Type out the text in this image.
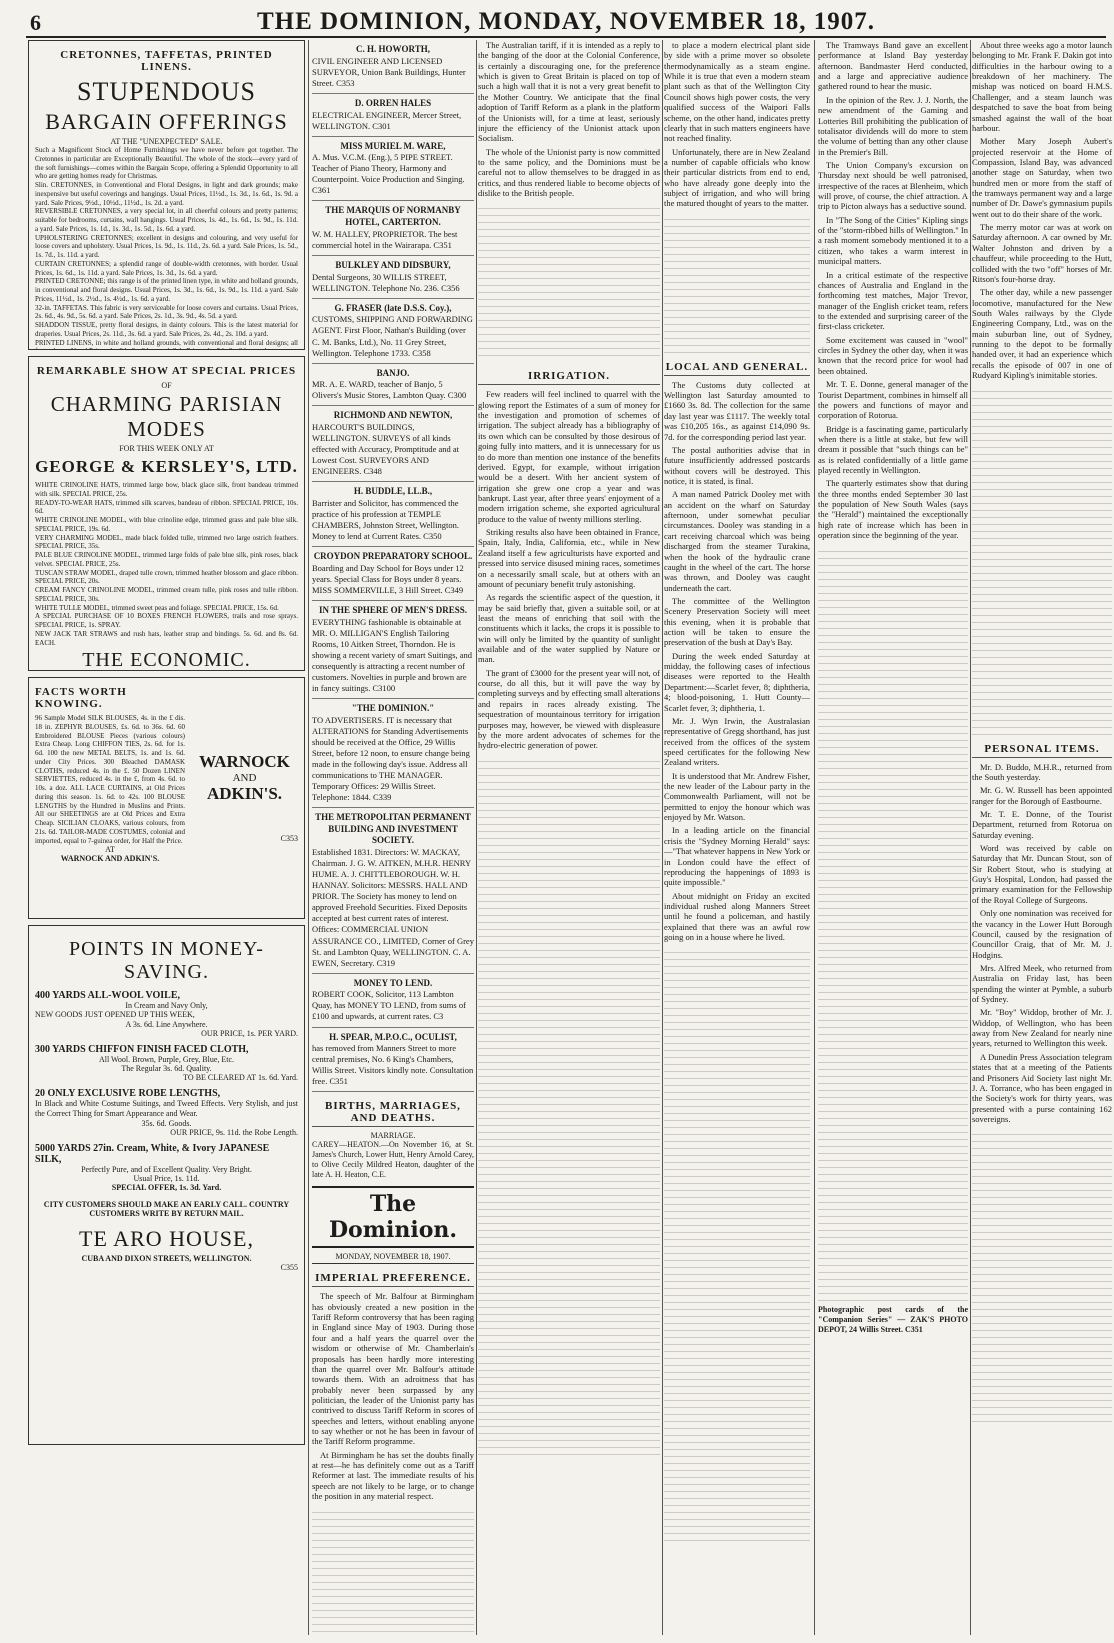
6	THE DOMINION, MONDAY, NOVEMBER 18, 1907.
CRETONNES, TAFFETAS, PRINTED LINENS.
STUPENDOUS
BARGAIN OFFERINGS
AT THE "UNEXPECTED" SALE.
Such a Magnificent Stock of Home Furnishings we have never before got together. The Cretonnes in particular are Exceptionally Beautiful. The whole of the stock—every yard of the soft furnishings—comes within the Bargain Scope, offering a Splendid Opportunity to all who are getting homes ready for Christmas.
Slin. CRETONNES, in Conventional and Floral Designs, in light and dark grounds; make inexpensive but useful coverings and hangings. Usual Prices, 11½d., 1s. 3d., 1s. 6d., 1s. 9d. a yard. Sale Prices, 9½d., 10½d., 11½d., 1s. 2d. a yard.
REVERSIBLE CRETONNES, a very special lot, in all cheerful colours and pretty patterns; suitable for bedrooms, curtains, wall hangings. Usual Prices, 1s. 4d., 1s. 6d., 1s. 9d., 1s. 11d. a yard. Sale Prices, 1s. 1d., 1s. 3d., 1s. 5d., 1s. 6d. a yard.
UPHOLSTERING CRETONNES; excellent in designs and colouring, and very useful for loose covers and upholstery. Usual Prices, 1s. 9d., 1s. 11d., 2s. 6d. a yard. Sale Prices, 1s. 5d., 1s. 7d., 1s. 11d. a yard.
CURTAIN CRETONNES; a splendid range of double-width cretonnes, with border. Usual Prices, 1s. 6d., 1s. 11d. a yard. Sale Prices, 1s. 3d., 1s. 6d. a yard.
PRINTED CRETONNE; this range is of the printed linen type, in white and holland grounds, in conventional and floral designs. Usual Prices, 1s. 3d., 1s. 6d., 1s. 9d., 1s. 11d. a yard. Sale Prices, 11½d., 1s. 2½d., 1s. 4½d., 1s. 6d. a yard.
32-in. TAFFETAS. This fabric is very serviceable for loose covers and curtains. Usual Prices, 2s. 6d., 4s. 9d., 5s. 6d. a yard. Sale Prices, 2s. 1d., 3s. 9d., 4s. 5d. a yard.
SHADDON TISSUE, pretty floral designs, in dainty colours. This is the latest material for draperies. Usual Prices, 2s. 11d., 3s. 6d. a yard. Sale Prices, 2s. 4d., 2s. 10d. a yard.
PRINTED LINENS, in white and holland grounds, with conventional and floral designs; all
REMARKABLE SHOW AT SPECIAL PRICES
OF
CHARMING PARISIAN MODES
FOR THIS WEEK ONLY AT
GEORGE & KERSLEY'S, LTD.
WHITE CRINOLINE HATS, trimmed large bow, black glace silk, front bandeau trimmed with silk. SPECIAL PRICE, 25s.
READY-TO-WEAR HATS, trimmed silk scarves, bandeau of ribbon. SPECIAL PRICE, 10s. 6d.
WHITE CRINOLINE MODEL, with blue crinoline edge, trimmed grass and pale blue silk. SPECIAL PRICE, 19s. 6d.
VERY CHARMING MODEL, made black folded tulle, trimmed two large ostrich feathers. SPECIAL PRICE, 35s.
PALE BLUE CRINOLINE MODEL, trimmed large folds of pale blue silk, pink roses, black velvet. SPECIAL PRICE, 25s.
TUSCAN STRAW MODEL, draped tulle crown, trimmed heather blossom and glace ribbon. SPECIAL PRICE, 20s.
CREAM FANCY CRINOLINE MODEL, trimmed cream tulle, pink roses and tulle ribbon. SPECIAL PRICE, 30s.
WHITE TULLE MODEL, trimmed sweet peas and foliage. SPECIAL PRICE, 15s. 6d.
A SPECIAL PURCHASE OF 10 BOXES FRENCH FLOWERS, trails and rose sprays. SPECIAL PRICE, 1s. SPRAY.
NEW JACK TAR STRAWS and rush hats, leather strap and bindings. 5s. 6d. and 8s. 6d. EACH.
THE ECONOMIC.
FACTS WORTH KNOWING.
96 Sample Model SILK BLOUSES, 4s. in the £ dis. 18 in. ZEPHYR BLOUSES, £s. 6d. to 36s. 6d. 60 Embroidered BLOUSE Pieces (various colours) Extra Cheap. Long CHIFFON TIES, 2s. 6d. for 1s. 6d. 100 the new METAL BELTS, 1s. and 1s. 6d. under City Prices. 300 Bleached DAMASK CLOTHS, reduced 4s. in the £. 50 Dozen LINEN SERVIETTES, reduced 4s. in the £, from 4s. 6d. to 10s. a doz. ALL LACE CURTAINS, at Old Prices during this season. 1s. 6d. to 42s. 100 BLOUSE LENGTHS by the Hundred in Muslins and Prints. All our SHEETINGS are at Old Prices and Extra Cheap. SICILIAN CLOAKS, various colours, from 21s. 6d. TAILOR-MADE COSTUMES, colonial and imported, equal to 7-guinea order, for Half the Price.
AT
WARNOCK AND ADKIN'S.
WARNOCK
AND
ADKIN'S.
C353
POINTS IN MONEY-SAVING.
400 YARDS ALL-WOOL VOILE,
In Cream and Navy Only,
NEW GOODS JUST OPENED UP THIS WEEK,
A 3s. 6d. Line Anywhere.
OUR PRICE, 1s. PER YARD.
300 YARDS CHIFFON FINISH FACED CLOTH,
All Wool. Brown, Purple, Grey, Blue, Etc.
The Regular 3s. 6d. Quality.
TO BE CLEARED AT 1s. 6d. Yard.
20 ONLY EXCLUSIVE ROBE LENGTHS,
In Black and White Costume Suitings, and Tweed Effects. Very Stylish, and just the Correct Thing for Smart Appearance and Wear.
35s. 6d. Goods.
OUR PRICE, 9s. 11d. the Robe Length.
5000 YARDS 27in. Cream, White, & Ivory JAPANESE SILK,
Perfectly Pure, and of Excellent Quality. Very Bright.
Usual Price, 1s. 11d.
SPECIAL OFFER, 1s. 3d. Yard.
CITY CUSTOMERS SHOULD MAKE AN EARLY CALL. COUNTRY CUSTOMERS WRITE BY RETURN MAIL.
TE ARO HOUSE,
CUBA AND DIXON STREETS, WELLINGTON.
C355
C. H. HOWORTH,
CIVIL ENGINEER AND LICENSED SURVEYOR, Union Bank Buildings, Hunter Street. C353
D. ORREN HALES
ELECTRICAL ENGINEER, Mercer Street, WELLINGTON. C301
MISS MURIEL M. WARE,
A. Mus. V.C.M. (Eng.), 5 PIPE STREET. Teacher of Piano Theory, Harmony and Counterpoint. Voice Production and Singing. C361
THE MARQUIS OF NORMANBY HOTEL, CARTERTON.
W. M. HALLEY, PROPRIETOR. The best commercial hotel in the Wairarapa. C351
BULKLEY AND DIDSBURY,
Dental Surgeons, 30 WILLIS STREET, WELLINGTON. Telephone No. 236. C356
G. FRASER (late D.S.S. Coy.),
CUSTOMS, SHIPPING AND FORWARDING AGENT. First Floor, Nathan's Building (over C. M. Banks, Ltd.), No. 11 Grey Street, Wellington. Telephone 1733. C358
BANJO.
MR. A. E. WARD, teacher of Banjo, 5 Olivers's Music Stores, Lambton Quay. C300
RICHMOND AND NEWTON,
HARCOURT'S BUILDINGS, WELLINGTON. SURVEYS of all kinds effected with Accuracy, Promptitude and at Lowest Cost. SURVEYORS AND ENGINEERS. C348
H. BUDDLE, LL.B.,
Barrister and Solicitor, has commenced the practice of his profession at TEMPLE CHAMBERS, Johnston Street, Wellington. Money to lend at Current Rates. C350
CROYDON PREPARATORY SCHOOL.
Boarding and Day School for Boys under 12 years. Special Class for Boys under 8 years. MISS SOMMERVILLE, 3 Hill Street. C349
IN THE SPHERE OF MEN'S DRESS.
EVERYTHING fashionable is obtainable at MR. O. MILLIGAN'S English Tailoring Rooms, 10 Aitken Street, Thorndon. He is showing a recent variety of smart Suitings, and consequently is attracting a recent number of customers. Novelties in purple and brown are in fancy suitings. C3100
"THE DOMINION."
TO ADVERTISERS. IT is necessary that ALTERATIONS for Standing Advertisements should be received at the Office, 29 Willis Street, before 12 noon, to ensure change being made in the following day's issue. Address all communications to THE MANAGER. Temporary Offices: 29 Willis Street. Telephone: 1844. C339
THE METROPOLITAN PERMANENT BUILDING AND INVESTMENT SOCIETY.
Established 1831. Directors: W. MACKAY, Chairman. J. G. W. AITKEN, M.H.R. HENRY HUME. A. J. CHITTLEBOROUGH. W. H. HANNAY. Solicitors: MESSRS. HALL AND PRIOR. The Society has money to lend on approved Freehold Securities. Fixed Deposits accepted at best current rates of interest. Offices: COMMERCIAL UNION ASSURANCE CO., LIMITED, Corner of Grey St. and Lambton Quay, WELLINGTON. C. A. EWEN, Secretary. C319
MONEY TO LEND.
ROBERT COOK, Solicitor, 113 Lambton Quay, has MONEY TO LEND, from sums of £100 and upwards, at current rates. C3
H. SPEAR, M.P.O.C., OCULIST,
has removed from Manners Street to more central premises, No. 6 King's Chambers, Willis Street. Visitors kindly note. Consultation free. C351
BIRTHS, MARRIAGES, AND DEATHS.
MARRIAGE.
CAREY—HEATON.—On November 16, at St. James's Church, Lower Hutt, Henry Arnold Carey, to Olive Cecily Mildred Heaton, daughter of the late A. H. Heaton, C.E.
The Dominion.
MONDAY, NOVEMBER 18, 1907.
IMPERIAL PREFERENCE.

The speech of Mr. Balfour at Birmingham has obviously created a new position in the Tariff Reform controversy that has been raging in England since May of 1903. During those four and a half years the quarrel over the wisdom or otherwise of Mr. Chamberlain's proposals has been hardly more interesting than the quarrel over Mr. Balfour's attitude towards them. With an adroitness that has probably never been surpassed by any politician, the leader of the Unionist party has contrived to discuss Tariff Reform in scores of speeches and letters, without enabling anyone to say whether or not he has been in favour of the Tariff Reform programme.

At Birmingham he has set the doubts finally at rest—he has definitely come out as a Tariff Reformer at last. The immediate results of his speech are not likely to be large, or to change the position in any material respect.

The Australian tariff, if it is intended as a reply to the banging of the door at the Colonial Conference, is certainly a discouraging one, for the preference which is given to Great Britain is placed on top of such a high wall that it is not a very great benefit to the Mother Country. We anticipate that the final adoption of Tariff Reform as a plank in the platform of the Unionists will, for a time at least, seriously injure the efficiency of the Unionist attack upon Socialism.

The whole of the Unionist party is now committed to the same policy, and the Dominions must be careful not to allow themselves to be dragged in as critics, and thus rendered liable to become objects of dislike to the British people.

IRRIGATION.

Few readers will feel inclined to quarrel with the glowing report the Estimates of a sum of money for the investigation and promotion of schemes of irrigation. The subject already has a bibliography of its own which can be consulted by those desirous of going fully into matters, and it is unnecessary for us to do more than mention one instance of the benefits derived. Egypt, for example, without irrigation would be a desert. With her ancient system of irrigation she grew one crop a year and was bankrupt. Last year, after three years' enjoyment of a modern irrigation scheme, she exported agricultural produce to the value of twenty millions sterling.

Striking results also have been obtained in France, Spain, Italy, India, California, etc., while in New Zealand itself a few agriculturists have exported and pressed into service disused mining races, sometimes on a necessarily small scale, but at others with an amount of pecuniary benefit truly astonishing.

As regards the scientific aspect of the question, it may be said briefly that, given a suitable soil, or at least the means of enriching that soil with the constituents which it lacks, the crops it is possible to win will only be limited by the quantity of sunlight available and of the water supplied by Nature or man.

The grant of £3000 for the present year will not, of course, do all this, but it will pave the way by completing surveys and by effecting small alterations and repairs in races already existing. The sequestration of mountainous territory for irrigation purposes may, however, be viewed with displeasure by the more ardent advocates of schemes for the hydro-electric generation of power.

to place a modern electrical plant side by side with a prime mover so obsolete thermodynamically as a steam engine. While it is true that even a modern steam plant such as that of the Wellington City Council shows high power costs, the very qualified success of the Waipori Falls scheme, on the other hand, indicates pretty clearly that in such matters engineers have not reached finality.

Unfortunately, there are in New Zealand a number of capable officials who know their particular districts from end to end, who have already gone deeply into the subject of irrigation, and who will bring the matured thought of years to the matter.

LOCAL AND GENERAL.

The Customs duty collected at Wellington last Saturday amounted to £1660 3s. 8d. The collection for the same day last year was £1117. The weekly total was £10,205 16s., as against £14,090 9s. 7d. for the corresponding period last year.

The postal authorities advise that in future insufficiently addressed postcards without covers will be destroyed. This notice, it is stated, is final.

A man named Patrick Dooley met with an accident on the wharf on Saturday afternoon, under somewhat peculiar circumstances. Dooley was standing in a cart receiving charcoal which was being discharged from the steamer Turakina, when the hook of the hydraulic crane caught in the wheel of the cart. The horse was thrown, and Dooley was caught underneath the cart.

The committee of the Wellington Scenery Preservation Society will meet this evening, when it is probable that action will be taken to ensure the preservation of the bush at Day's Bay.

During the week ended Saturday at midday, the following cases of infectious diseases were reported to the Health Department:—Scarlet fever, 8; diphtheria, 4; blood-poisoning, 1. Hutt County—Scarlet fever, 3; diphtheria, 1.

Mr. J. Wyn Irwin, the Australasian representative of Gregg shorthand, has just received from the offices of the system speed certificates for the following New Zealand writers.

It is understood that Mr. Andrew Fisher, the new leader of the Labour party in the Commonwealth Parliament, will not be permitted to enjoy the honour which was enjoyed by Mr. Watson.

In a leading article on the financial crisis the "Sydney Morning Herald" says:—"That whatever happens in New York or in London could have the effect of reproducing the happenings of 1893 is quite impossible."

About midnight on Friday an excited individual rushed along Manners Street until he found a policeman, and hastily explained that there was an awful row going on in a house where he lived.

The Tramways Band gave an excellent performance at Island Bay yesterday afternoon. Bandmaster Herd conducted, and a large and appreciative audience gathered round to hear the music.

In the opinion of the Rev. J. J. North, the new amendment of the Gaming and Lotteries Bill prohibiting the publication of totalisator dividends will do more to stem the volume of betting than any other clause in the Premier's Bill.

The Union Company's excursion on Thursday next should be well patronised, irrespective of the races at Blenheim, which will prove, of course, the chief attraction. A trip to Picton always has a seductive sound.

In "The Song of the Cities" Kipling sings of the "storm-ribbed hills of Wellington." In a rash moment somebody mentioned it to a citizen, who takes a warm interest in municipal matters.

In a critical estimate of the respective chances of Australia and England in the forthcoming test matches, Major Trevor, manager of the English cricket team, refers to the extended and surprising career of the first-class cricketer.

Some excitement was caused in "wool" circles in Sydney the other day, when it was known that the record price for wool had been obtained.

Mr. T. E. Donne, general manager of the Tourist Department, combines in himself all the powers and functions of mayor and corporation of Rotorua.

Bridge is a fascinating game, particularly when there is a little at stake, but few will dream it possible that "such things can be" as is related confidentially of a little game played recently in Wellington.

The quarterly estimates show that during the three months ended September 30 last the population of New South Wales (says the "Herald") maintained the exceptionally high rate of increase which has been in operation since the beginning of the year.

Photographic post cards of the "Companion Series" — ZAK'S PHOTO DEPOT, 24 Willis Street. C351

About three weeks ago a motor launch belonging to Mr. Frank F. Dakin got into difficulties in the harbour owing to a breakdown of her machinery. The mishap was noticed on board H.M.S. Challenger, and a steam launch was despatched to save the boat from being smashed against the wall of the boat harbour.

Mother Mary Joseph Aubert's projected reservoir at the Home of Compassion, Island Bay, was advanced another stage on Saturday, when two hundred men or more from the staff of the tramways permanent way and a large number of Dr. Dawe's gymnasium pupils went out to do their share of the work.

The merry motor car was at work on Saturday afternoon. A car owned by Mr. Walter Johnston and driven by a chauffeur, while proceeding to the Hutt, collided with the two "off" horses of Mr. Ritson's four-horse dray.

The other day, while a new passenger locomotive, manufactured for the New South Wales railways by the Clyde Engineering Company, Ltd., was on the main suburban line, out of Sydney, running to the depot to be formally handed over, it had an experience which recalls the episode of 007 in one of Rudyard Kipling's inimitable stories.

PERSONAL ITEMS.

Mr. D. Buddo, M.H.R., returned from the South yesterday.

Mr. G. W. Russell has been appointed ranger for the Borough of Eastbourne.

Mr. T. E. Donne, of the Tourist Department, returned from Rotorua on Saturday evening.

Word was received by cable on Saturday that Mr. Duncan Stout, son of Sir Robert Stout, who is studying at Guy's Hospital, London, had passed the primary examination for the Fellowship of the Royal College of Surgeons.

Only one nomination was received for the vacancy in the Lower Hutt Borough Council, caused by the resignation of Councillor Craig, that of Mr. M. J. Hodgins.

Mrs. Alfred Meek, who returned from Australia on Friday last, has been spending the winter at Pymble, a suburb of Sydney.

Mr. "Boy" Widdop, brother of Mr. J. Widdop, of Wellington, who has been away from New Zealand for nearly nine years, returned to Wellington this week.

A Dunedin Press Association telegram states that at a meeting of the Patients and Prisoners Aid Society last night Mr. J. A. Torrance, who has been engaged in the Society's work for thirty years, was presented with a purse containing 162 sovereigns.
